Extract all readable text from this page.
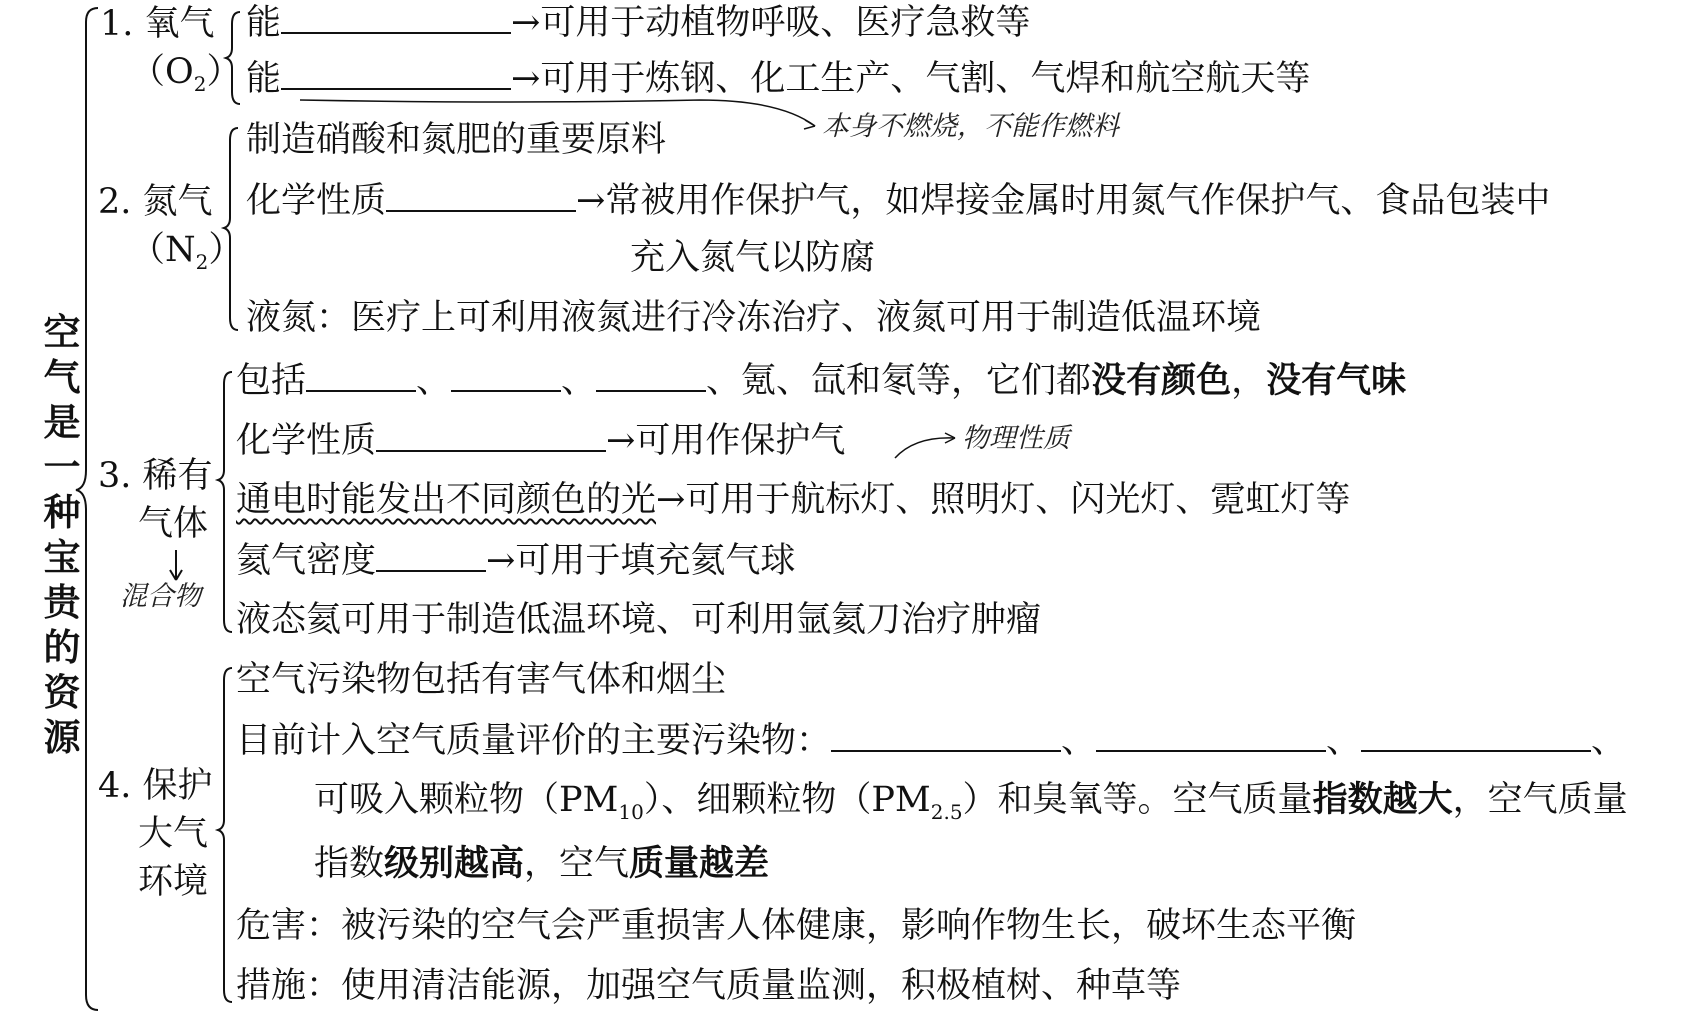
空
气
是
一
种
宝
贵
的
资
源
1. 氧气
$(O_2)$
能	→可用于动植物呼吸、医疗急救等
能	→可用于炼钢、化工生产、气割、气焊和航空航天等
本身不燃烧，不能作燃料
2. 氮气
$(N_2)$
制造硝酸和氮肥的重要原料
化学性质	→常被用作保护气，如焊接金属时用氮气作保护气、食品包装中
充入氮气以防腐
液氮：医疗上可利用液氮进行冷冻治疗、液氮可用于制造低温环境
3. 稀有
气体
混合物
包括	、	、	、氪、氙和氡等，它们都没有颜色，没有气味
化学性质	→可用作保护气	物理性质
通电时能发出不同颜色的光→可用于航标灯、照明灯、闪光灯、霓虹灯等
氦气密度	→可用于填充氦气球
液态氦可用于制造低温环境、可利用氩氦刀治疗肿瘤
4. 保护
大气
环境
空气污染物包括有害气体和烟尘
目前计入空气质量评价的主要污染物：	、	、	、
可吸入颗粒物$(PM_{10})$、细颗粒物$(PM_{2.5})$和臭氧等。空气质量指数越大，空气质量
指数级别越高，空气质量越差
危害：被污染的空气会严重损害人体健康，影响作物生长，破坏生态平衡
措施：使用清洁能源，加强空气质量监测，积极植树、种草等
